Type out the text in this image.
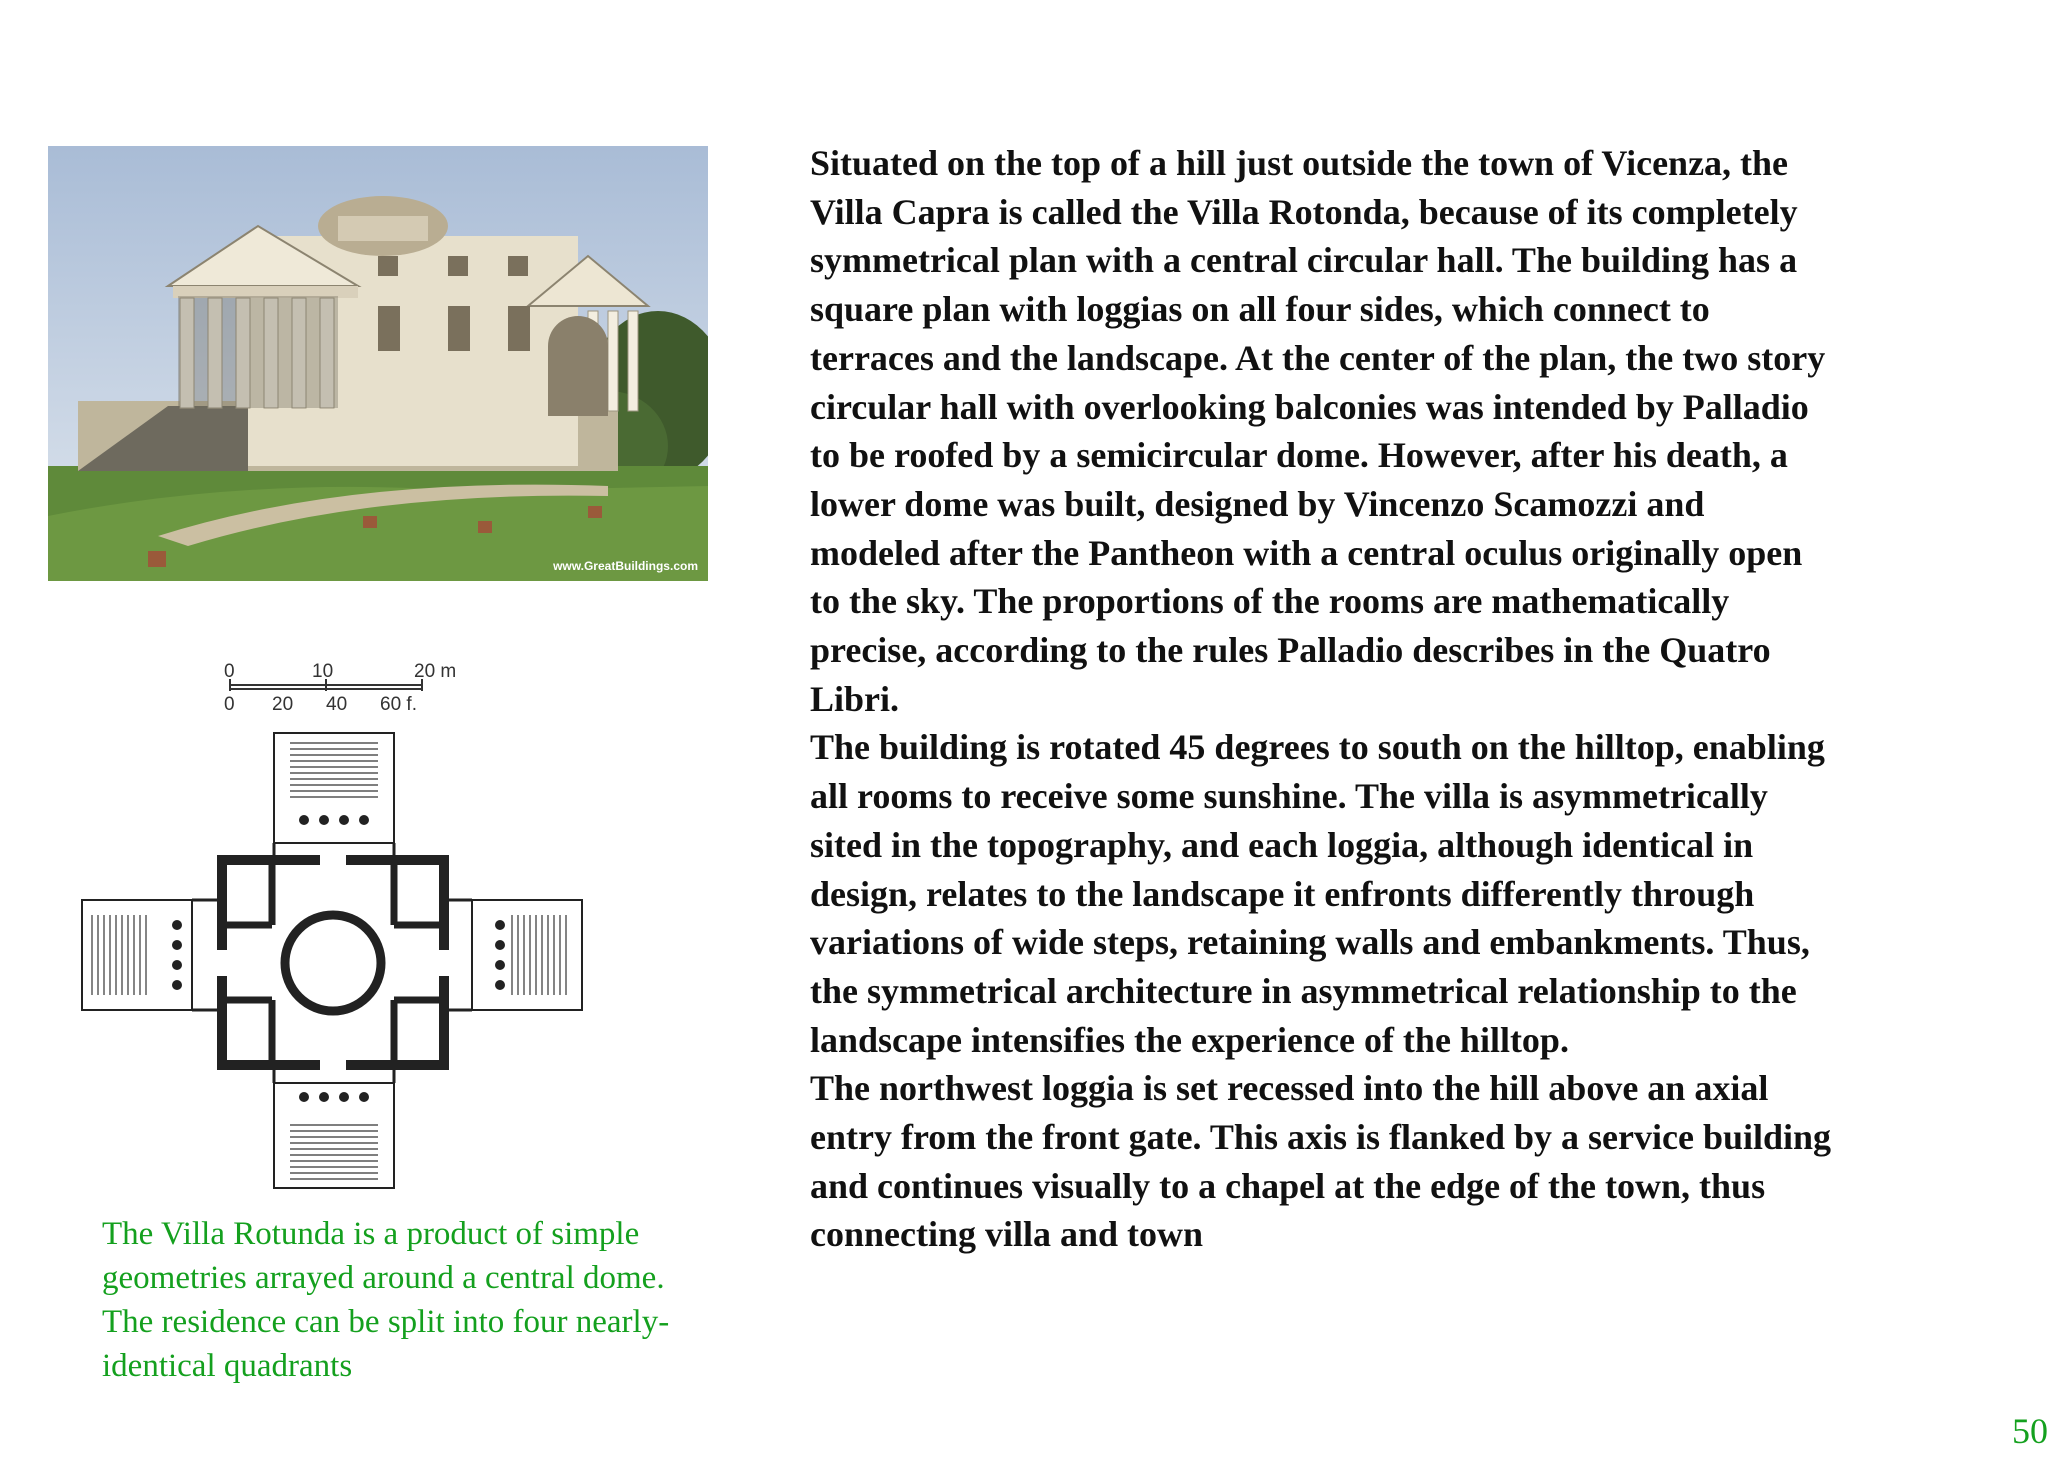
www.GreatBuildings.com
0	10	20 m
0 20 40 60 f.
The Villa Rotunda is a product of simple
geometries arrayed around a central dome.
The residence can be split into four nearly-
identical quadrants
Situated on the top of a hill just outside the town of Vicenza, the
Villa Capra is called the Villa Rotonda, because of its completely
symmetrical plan with a central circular hall. The building has a
square plan with loggias on all four sides, which connect to
terraces and the landscape. At the center of the plan, the two story
circular hall with overlooking balconies was intended by Palladio
to be roofed by a semicircular dome. However, after his death, a
lower dome was built, designed by Vincenzo Scamozzi and
modeled after the Pantheon with a central oculus originally open
to the sky. The proportions of the rooms are mathematically
precise, according to the rules Palladio describes in the Quatro
Libri.
The building is rotated 45 degrees to south on the hilltop, enabling
all rooms to receive some sunshine. The villa is asymmetrically
sited in the topography, and each loggia, although identical in
design, relates to the landscape it enfronts differently through
variations of wide steps, retaining walls and embankments. Thus,
the symmetrical architecture in asymmetrical relationship to the
landscape intensifies the experience of the hilltop.
The northwest loggia is set recessed into the hill above an axial
entry from the front gate. This axis is flanked by a service building
and continues visually to a chapel at the edge of the town, thus
connecting villa and town
50
